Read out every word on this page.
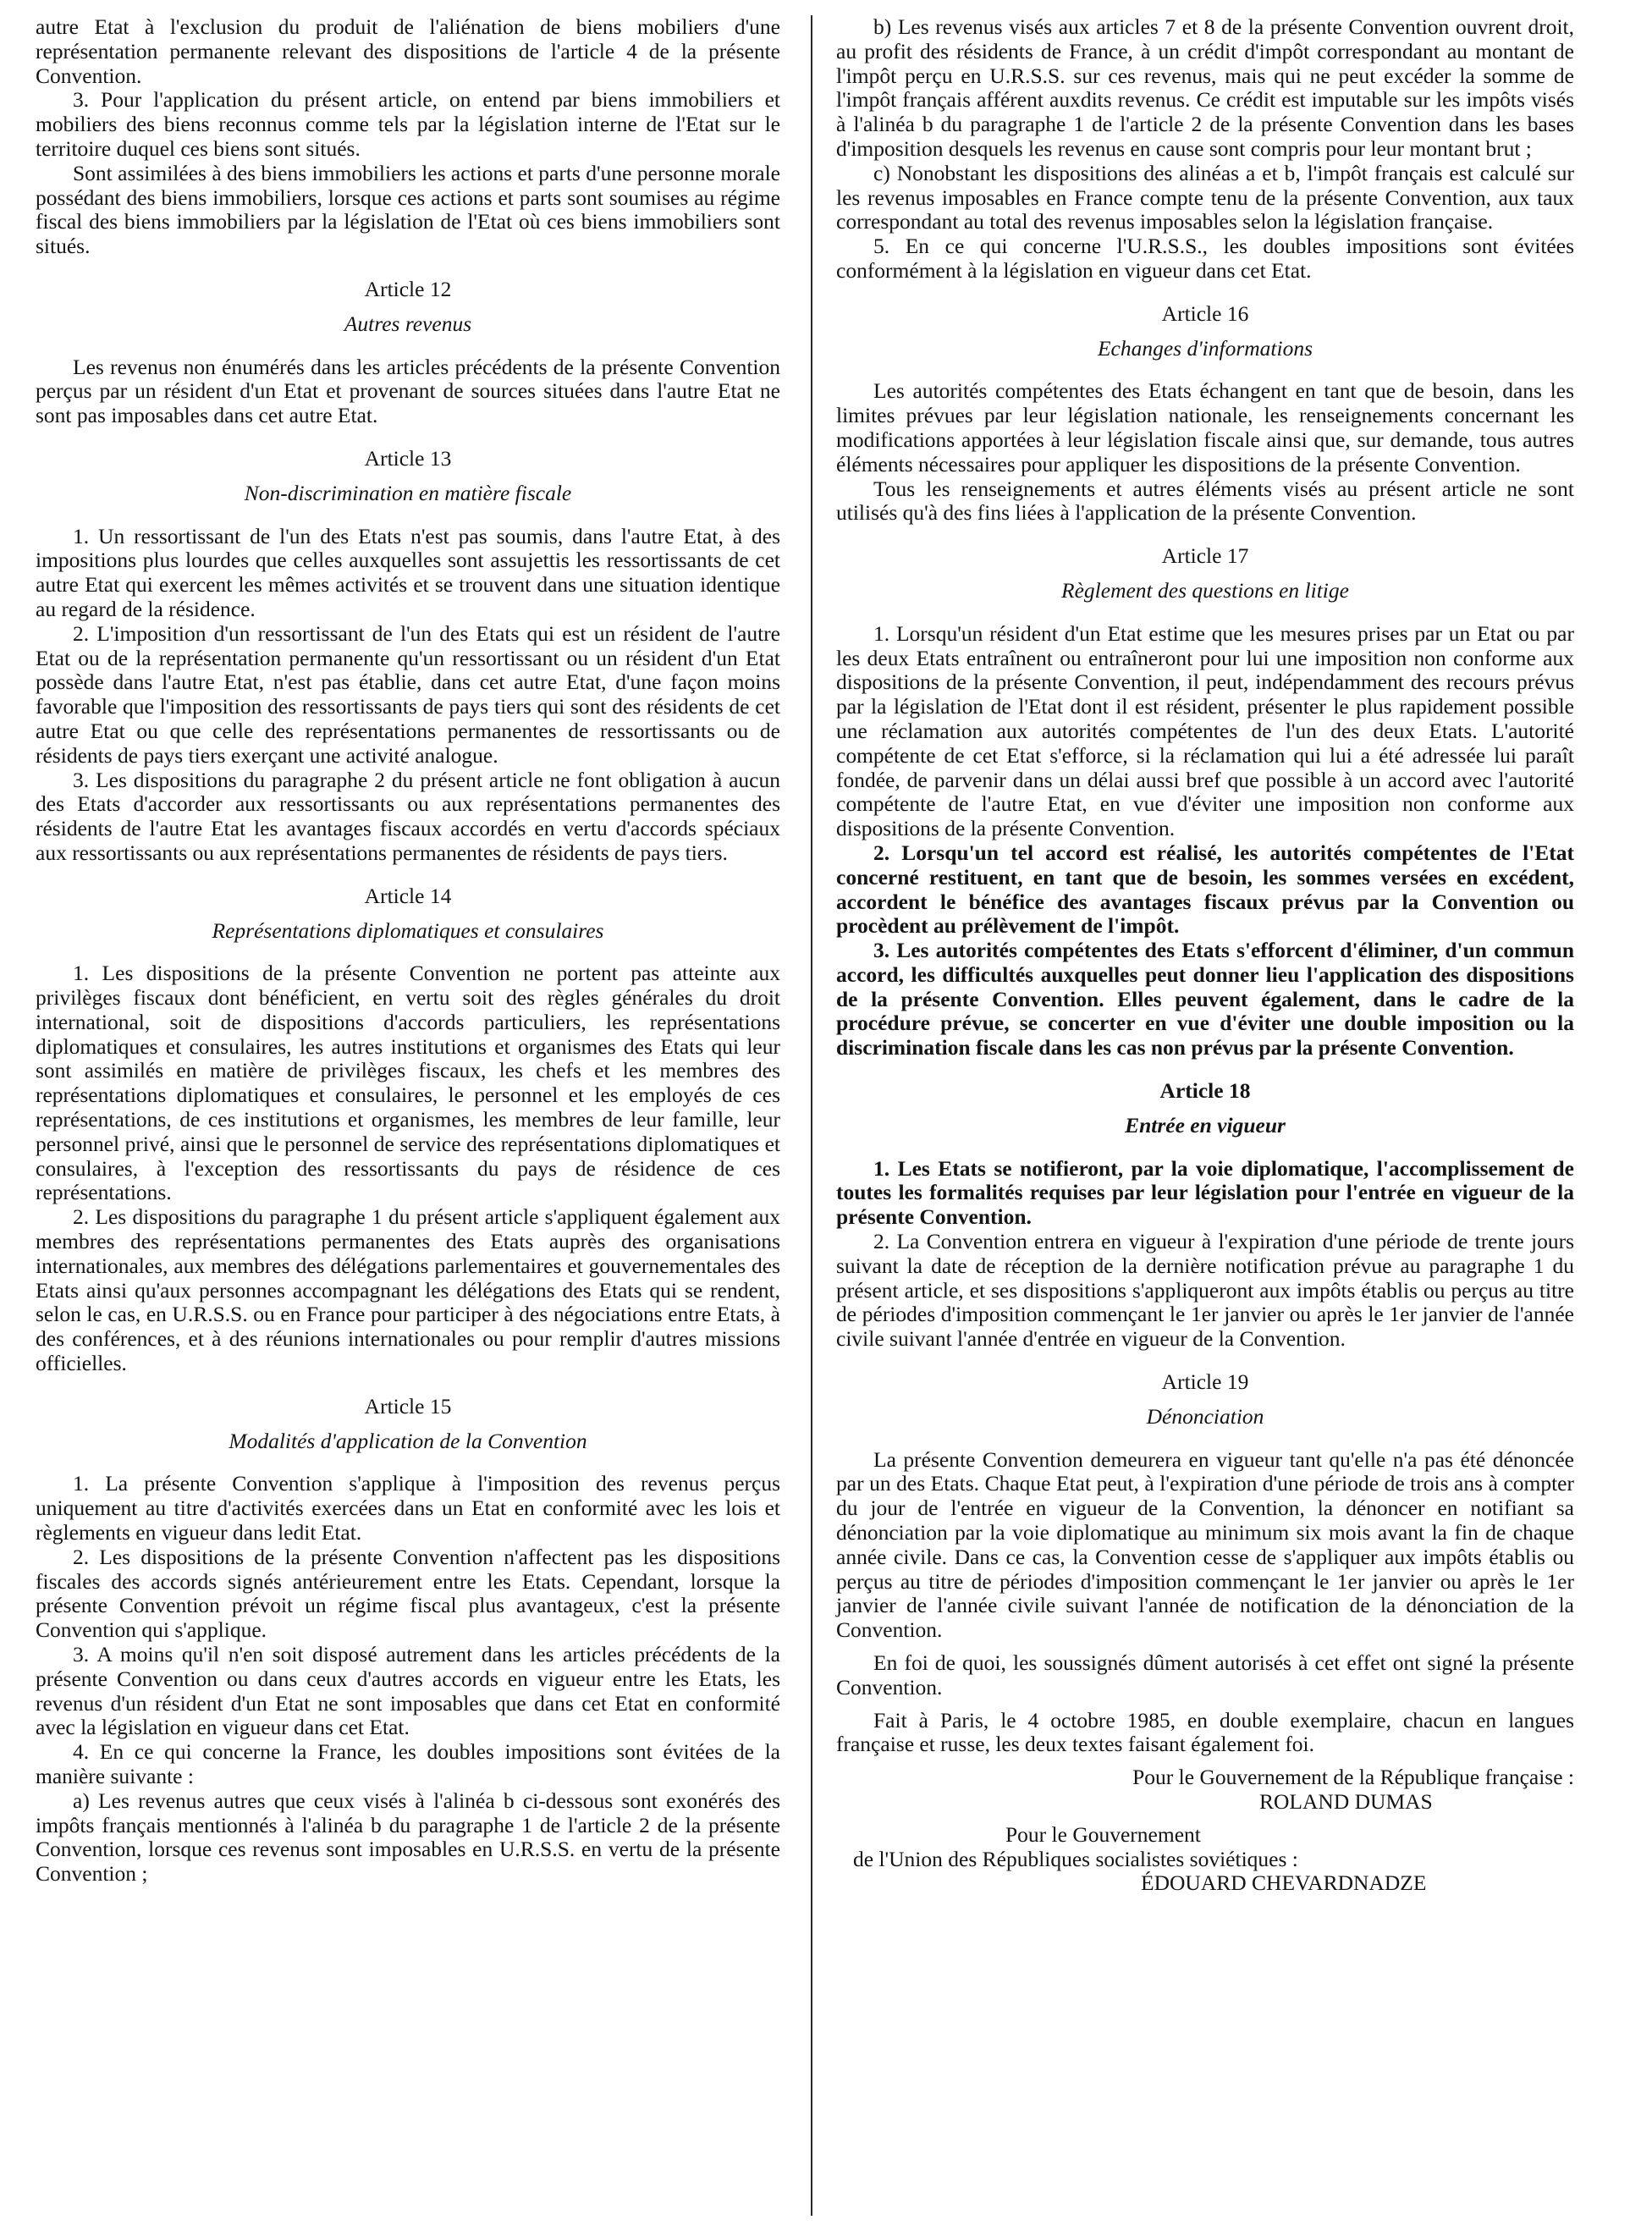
autre Etat à l'exclusion du produit de l'aliénation de biens mobiliers d'une représentation permanente relevant des dispositions de l'article 4 de la présente Convention.

3. Pour l'application du présent article, on entend par biens immobiliers et mobiliers des biens reconnus comme tels par la législation interne de l'Etat sur le territoire duquel ces biens sont situés.

Sont assimilées à des biens immobiliers les actions et parts d'une personne morale possédant des biens immobiliers, lorsque ces actions et parts sont soumises au régime fiscal des biens immobiliers par la législation de l'Etat où ces biens immobiliers sont situés.

Article 12
Autres revenus

Les revenus non énumérés dans les articles précédents de la présente Convention perçus par un résident d'un Etat et provenant de sources situées dans l'autre Etat ne sont pas imposables dans cet autre Etat.

Article 13
Non-discrimination en matière fiscale

1. Un ressortissant de l'un des Etats n'est pas soumis, dans l'autre Etat, à des impositions plus lourdes que celles auxquelles sont assujettis les ressortissants de cet autre Etat qui exercent les mêmes activités et se trouvent dans une situation identique au regard de la résidence.

2. L'imposition d'un ressortissant de l'un des Etats qui est un résident de l'autre Etat ou de la représentation permanente qu'un ressortissant ou un résident d'un Etat possède dans l'autre Etat, n'est pas établie, dans cet autre Etat, d'une façon moins favorable que l'imposition des ressortissants de pays tiers qui sont des résidents de cet autre Etat ou que celle des représentations permanentes de ressortissants ou de résidents de pays tiers exerçant une activité analogue.

3. Les dispositions du paragraphe 2 du présent article ne font obligation à aucun des Etats d'accorder aux ressortissants ou aux représentations permanentes des résidents de l'autre Etat les avantages fiscaux accordés en vertu d'accords spéciaux aux ressortissants ou aux représentations permanentes de résidents de pays tiers.

Article 14
Représentations diplomatiques et consulaires

1. Les dispositions de la présente Convention ne portent pas atteinte aux privilèges fiscaux dont bénéficient, en vertu soit des règles générales du droit international, soit de dispositions d'accords particuliers, les représentations diplomatiques et consulaires, les autres institutions et organismes des Etats qui leur sont assimilés en matière de privilèges fiscaux, les chefs et les membres des représentations diplomatiques et consulaires, le personnel et les employés de ces représentations, de ces institutions et organismes, les membres de leur famille, leur personnel privé, ainsi que le personnel de service des représentations diplomatiques et consulaires, à l'exception des ressortissants du pays de résidence de ces représentations.

2. Les dispositions du paragraphe 1 du présent article s'appliquent également aux membres des représentations permanentes des Etats auprès des organisations internationales, aux membres des délégations parlementaires et gouvernementales des Etats ainsi qu'aux personnes accompagnant les délégations des Etats qui se rendent, selon le cas, en U.R.S.S. ou en France pour participer à des négociations entre Etats, à des conférences, et à des réunions internationales ou pour remplir d'autres missions officielles.

Article 15
Modalités d'application de la Convention

1. La présente Convention s'applique à l'imposition des revenus perçus uniquement au titre d'activités exercées dans un Etat en conformité avec les lois et règlements en vigueur dans ledit Etat.

2. Les dispositions de la présente Convention n'affectent pas les dispositions fiscales des accords signés antérieurement entre les Etats. Cependant, lorsque la présente Convention prévoit un régime fiscal plus avantageux, c'est la présente Convention qui s'applique.

3. A moins qu'il n'en soit disposé autrement dans les articles précédents de la présente Convention ou dans ceux d'autres accords en vigueur entre les Etats, les revenus d'un résident d'un Etat ne sont imposables que dans cet Etat en conformité avec la législation en vigueur dans cet Etat.

4. En ce qui concerne la France, les doubles impositions sont évitées de la manière suivante :

a) Les revenus autres que ceux visés à l'alinéa b ci-dessous sont exonérés des impôts français mentionnés à l'alinéa b du paragraphe 1 de l'article 2 de la présente Convention, lorsque ces revenus sont imposables en U.R.S.S. en vertu de la présente Convention ;

b) Les revenus visés aux articles 7 et 8 de la présente Convention ouvrent droit, au profit des résidents de France, à un crédit d'impôt correspondant au montant de l'impôt perçu en U.R.S.S. sur ces revenus, mais qui ne peut excéder la somme de l'impôt français afférent auxdits revenus. Ce crédit est imputable sur les impôts visés à l'alinéa b du paragraphe 1 de l'article 2 de la présente Convention dans les bases d'imposition desquels les revenus en cause sont compris pour leur montant brut ;

c) Nonobstant les dispositions des alinéas a et b, l'impôt français est calculé sur les revenus imposables en France compte tenu de la présente Convention, aux taux correspondant au total des revenus imposables selon la législation française.

5. En ce qui concerne l'U.R.S.S., les doubles impositions sont évitées conformément à la législation en vigueur dans cet Etat.

Article 16
Echanges d'informations

Les autorités compétentes des Etats échangent en tant que de besoin, dans les limites prévues par leur législation nationale, les renseignements concernant les modifications apportées à leur législation fiscale ainsi que, sur demande, tous autres éléments nécessaires pour appliquer les dispositions de la présente Convention.

Tous les renseignements et autres éléments visés au présent article ne sont utilisés qu'à des fins liées à l'application de la présente Convention.

Article 17
Règlement des questions en litige

1. Lorsqu'un résident d'un Etat estime que les mesures prises par un Etat ou par les deux Etats entraînent ou entraîneront pour lui une imposition non conforme aux dispositions de la présente Convention, il peut, indépendamment des recours prévus par la législation de l'Etat dont il est résident, présenter le plus rapidement possible une réclamation aux autorités compétentes de l'un des deux Etats. L'autorité compétente de cet Etat s'efforce, si la réclamation qui lui a été adressée lui paraît fondée, de parvenir dans un délai aussi bref que possible à un accord avec l'autorité compétente de l'autre Etat, en vue d'éviter une imposition non conforme aux dispositions de la présente Convention.

2. Lorsqu'un tel accord est réalisé, les autorités compétentes de l'Etat concerné restituent, en tant que de besoin, les sommes versées en excédent, accordent le bénéfice des avantages fiscaux prévus par la Convention ou procèdent au prélèvement de l'impôt.

3. Les autorités compétentes des Etats s'efforcent d'éliminer, d'un commun accord, les difficultés auxquelles peut donner lieu l'application des dispositions de la présente Convention. Elles peuvent également, dans le cadre de la procédure prévue, se concerter en vue d'éviter une double imposition ou la discrimination fiscale dans les cas non prévus par la présente Convention.

Article 18
Entrée en vigueur

1. Les Etats se notifieront, par la voie diplomatique, l'accomplissement de toutes les formalités requises par leur législation pour l'entrée en vigueur de la présente Convention.

2. La Convention entrera en vigueur à l'expiration d'une période de trente jours suivant la date de réception de la dernière notification prévue au paragraphe 1 du présent article, et ses dispositions s'appliqueront aux impôts établis ou perçus au titre de périodes d'imposition commençant le 1er janvier ou après le 1er janvier de l'année civile suivant l'année d'entrée en vigueur de la Convention.

Article 19
Dénonciation

La présente Convention demeurera en vigueur tant qu'elle n'a pas été dénoncée par un des Etats. Chaque Etat peut, à l'expiration d'une période de trois ans à compter du jour de l'entrée en vigueur de la Convention, la dénoncer en notifiant sa dénonciation par la voie diplomatique au minimum six mois avant la fin de chaque année civile. Dans ce cas, la Convention cesse de s'appliquer aux impôts établis ou perçus au titre de périodes d'imposition commençant le 1er janvier ou après le 1er janvier de l'année civile suivant l'année de notification de la dénonciation de la Convention.

En foi de quoi, les soussignés dûment autorisés à cet effet ont signé la présente Convention.

Fait à Paris, le 4 octobre 1985, en double exemplaire, chacun en langues française et russe, les deux textes faisant également foi.

Pour le Gouvernement de la République française :

ROLAND DUMAS

Pour le Gouvernement

de l'Union des Républiques socialistes soviétiques :

ÉDOUARD CHEVARDNADZE
